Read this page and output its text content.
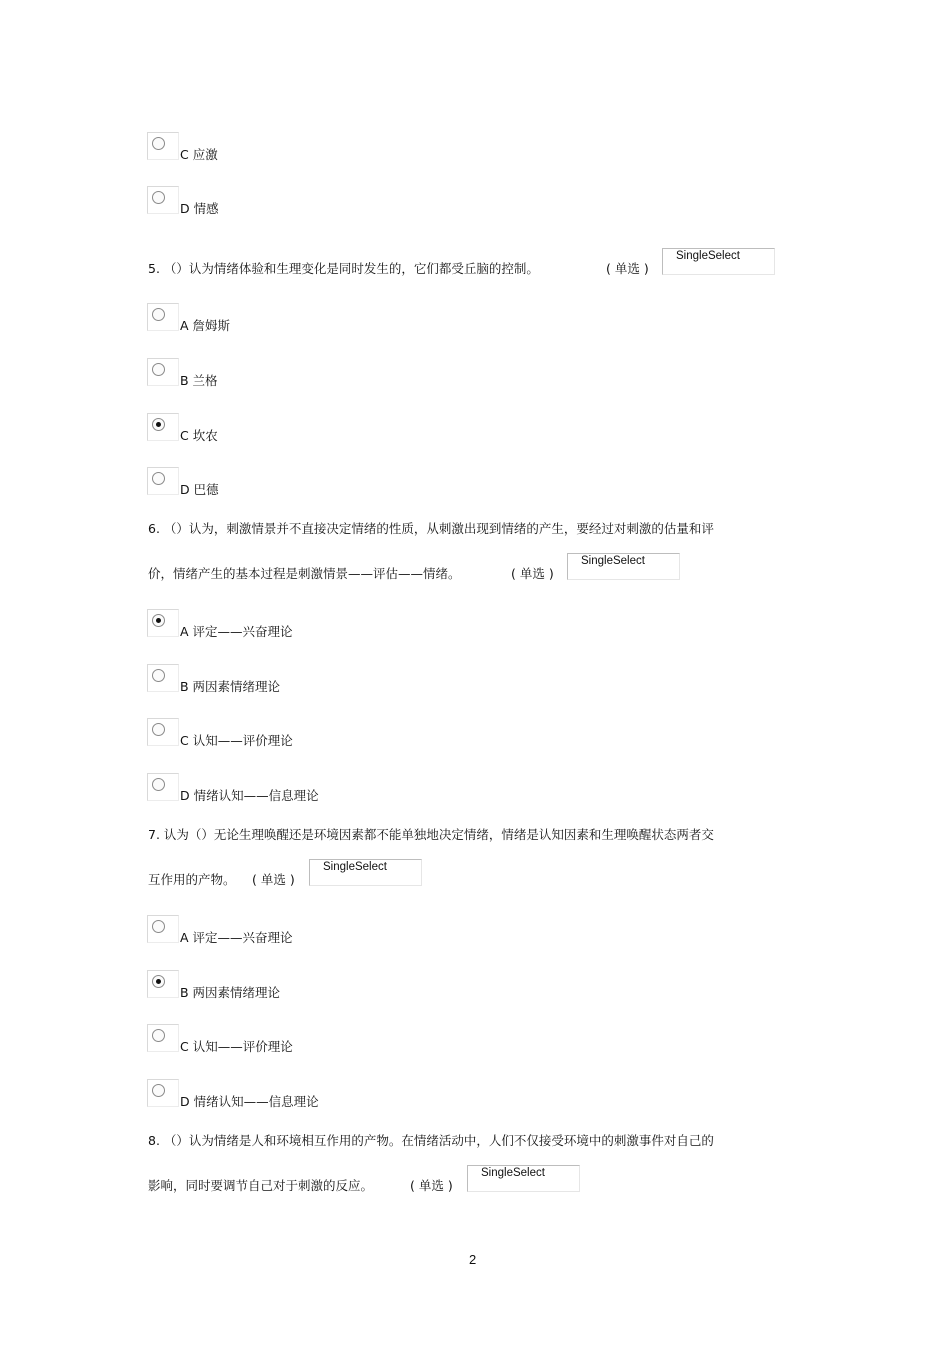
C 应激
D 情感
5. （）认为情绪体验和生理变化是同时发生的，它们都受丘脑的控制。	( 单选 )
SingleSelect
A 詹姆斯
B 兰格
C 坎农
D 巴德
6. （）认为，刺激情景并不直接决定情绪的性质，从刺激出现到情绪的产生，要经过对刺激的估量和评
价，情绪产生的基本过程是刺激情景——评估——情绪。	( 单选 )
SingleSelect
A 评定——兴奋理论
B 两因素情绪理论
C 认知——评价理论
D 情绪认知——信息理论
7. 认为（）无论生理唤醒还是环境因素都不能单独地决定情绪，情绪是认知因素和生理唤醒状态两者交
互作用的产物。 ( 单选 )
SingleSelect
A 评定——兴奋理论
B 两因素情绪理论
C 认知——评价理论
D 情绪认知——信息理论
8. （）认为情绪是人和环境相互作用的产物。在情绪活动中，人们不仅接受环境中的刺激事件对自己的
影响，同时要调节自己对于刺激的反应。	( 单选 )
SingleSelect
2
